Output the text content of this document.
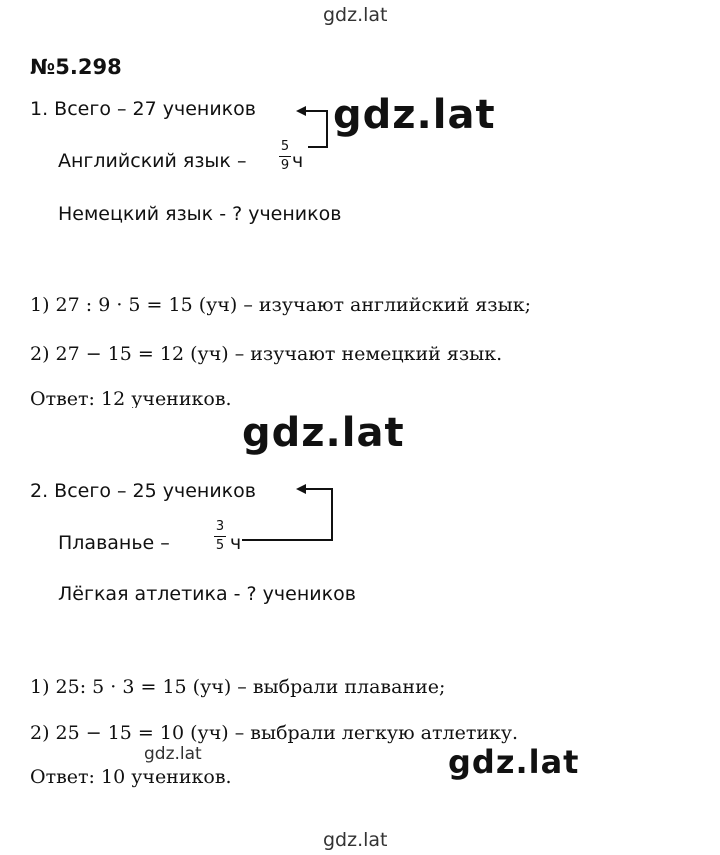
gdz.lat
gdz.lat
gdz.lat
gdz.lat	gdz.lat
gdz.lat
№5.298
1. Всего – 27 учеников
Английский язык –
5
9 ч
Немецкий язык - ? учеников
1) 27 : 9 · 5 = 15 (уч) – изучают английский язык;
2) 27 − 15 = 12 (уч) – изучают немецкий язык.
Ответ: 12 учеников.
2. Всего – 25 учеников
Плаванье –
3
5 ч
Лёгкая атлетика - ? учеников
1) 25: 5 · 3 = 15 (уч) – выбрали плавание;
2) 25 − 15 = 10 (уч) – выбрали легкую атлетику.
Ответ: 10 учеников.
